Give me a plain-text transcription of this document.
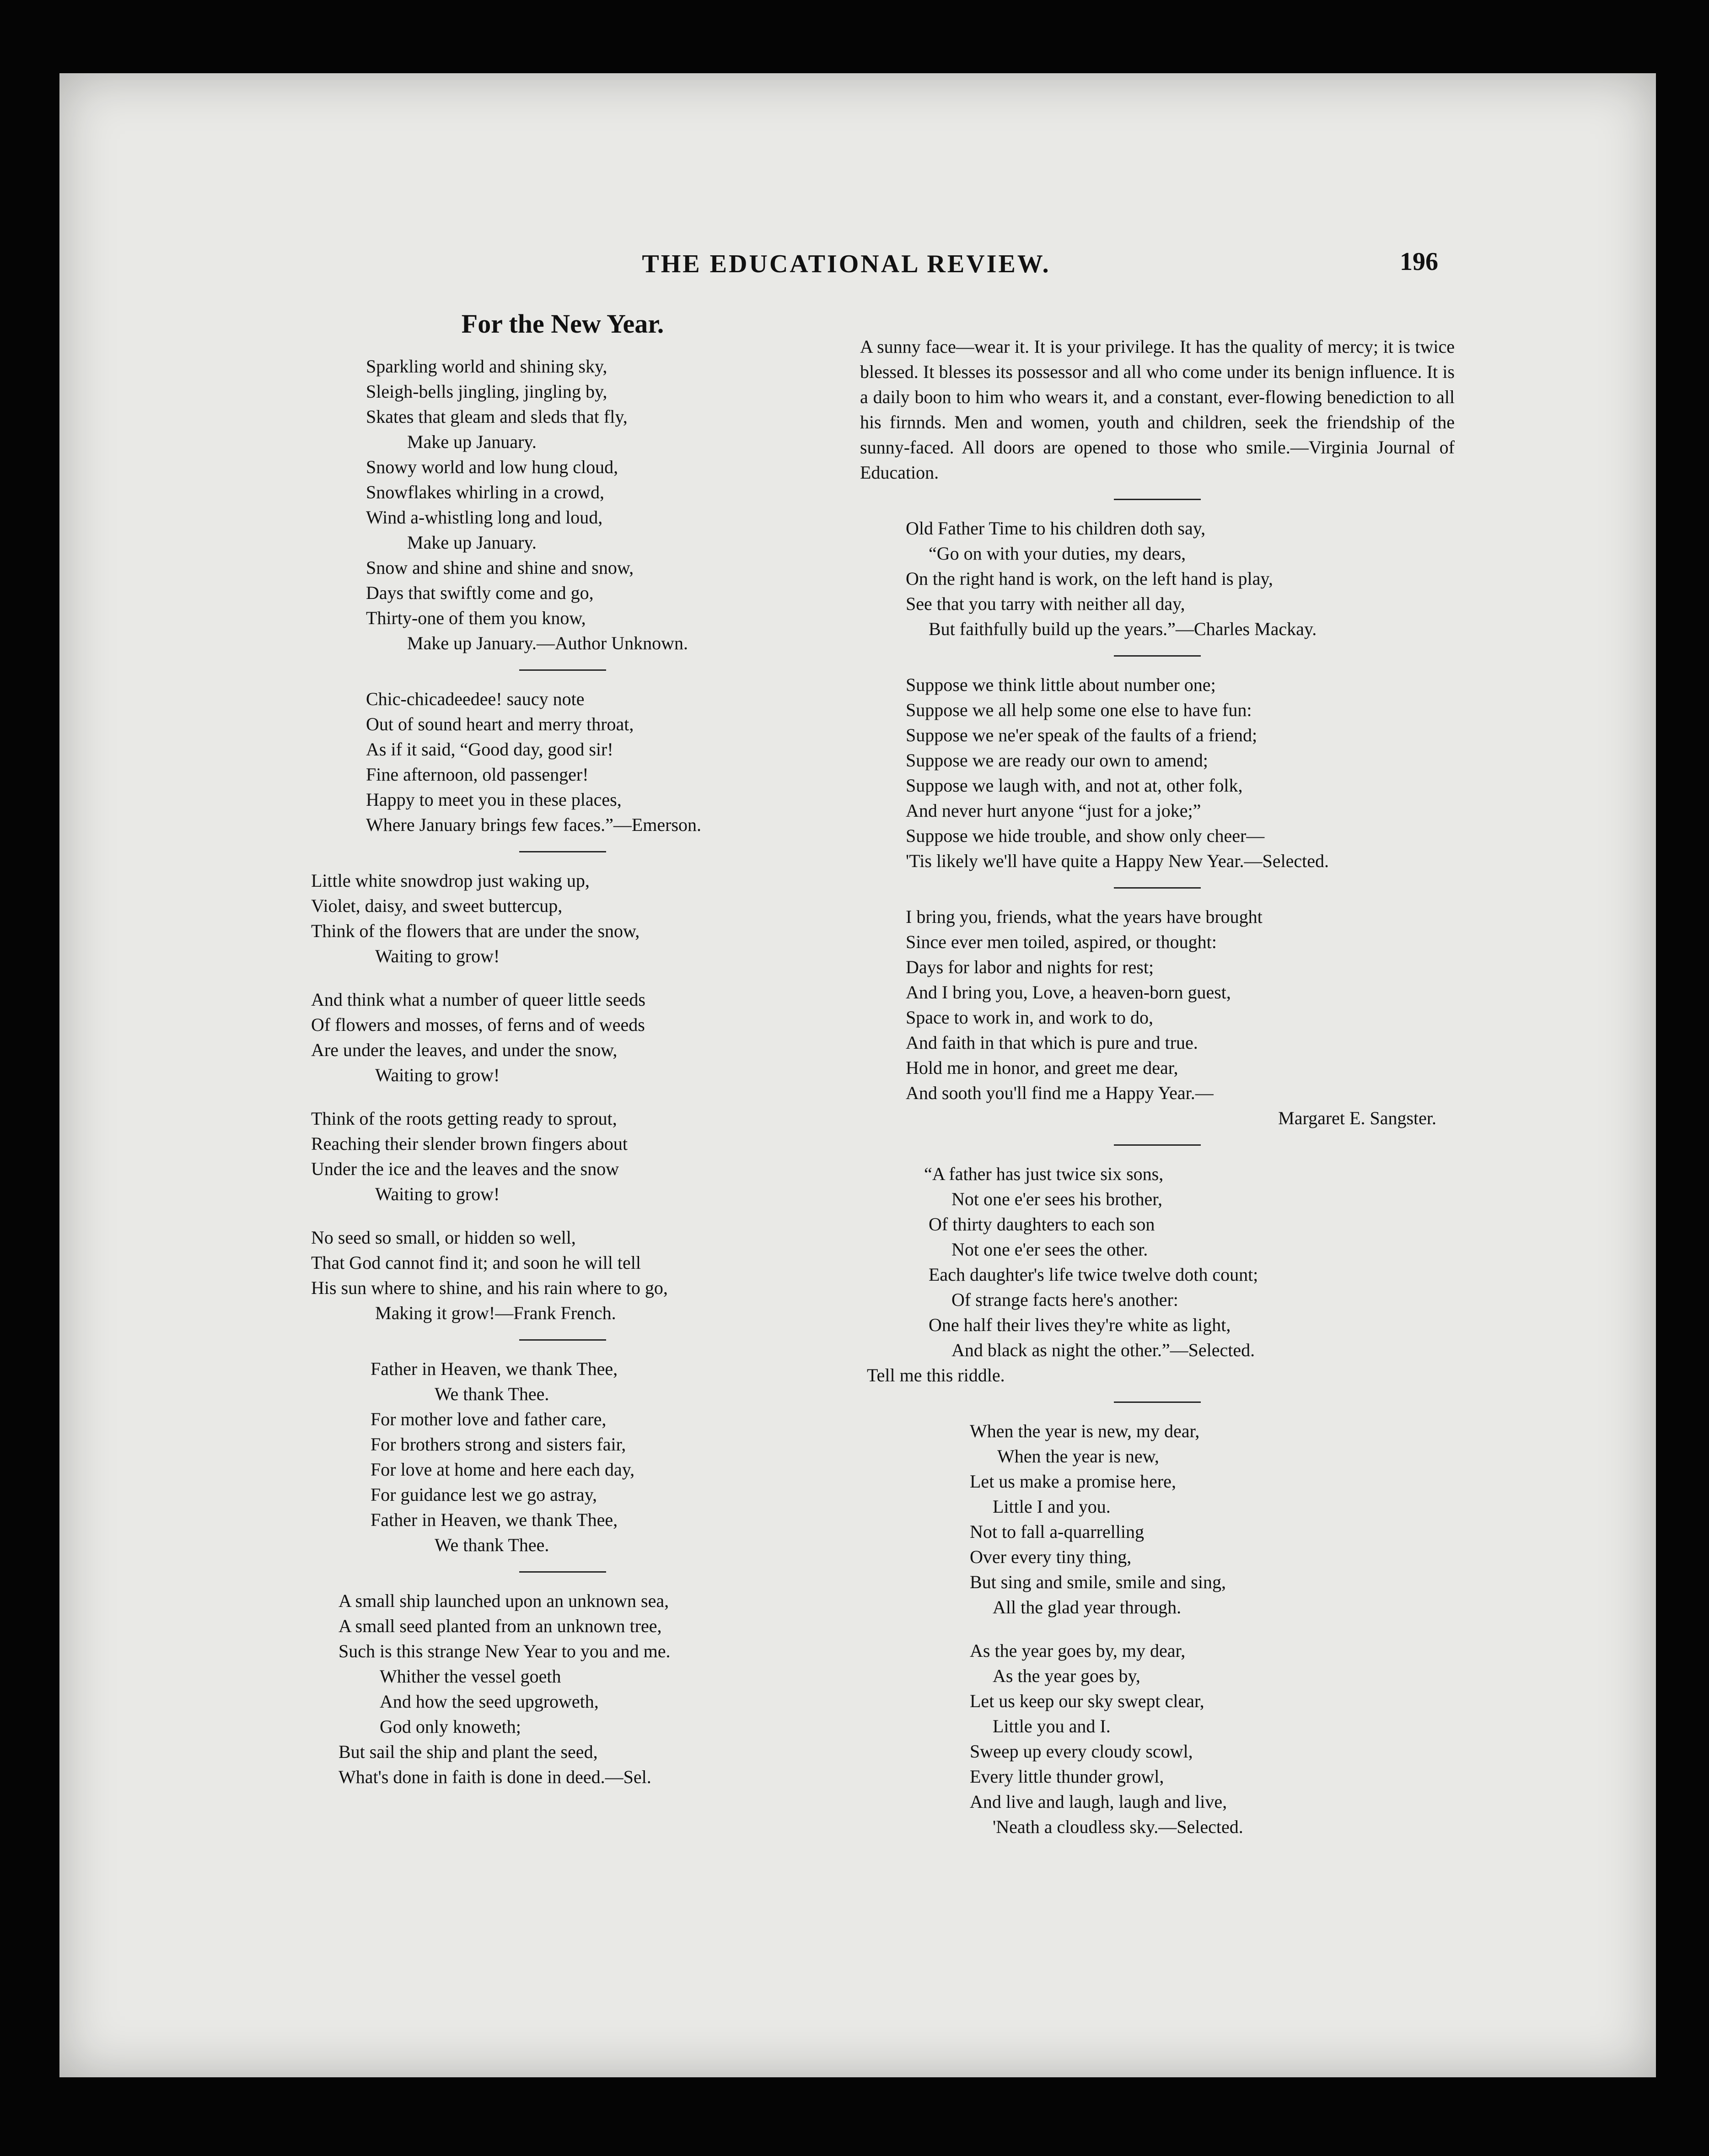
THE EDUCATIONAL REVIEW.	196
For the New Year.
Sparkling world and shining sky,
Sleigh-bells jingling, jingling by,
Skates that gleam and sleds that fly,
Make up January.
Snowy world and low hung cloud,
Snowflakes whirling in a crowd,
Wind a-whistling long and loud,
Make up January.
Snow and shine and shine and snow,
Days that swiftly come and go,
Thirty-one of them you know,
Make up January.—Author Unknown.
Chic-chicadeedee! saucy note
Out of sound heart and merry throat,
As if it said, “Good day, good sir!
Fine afternoon, old passenger!
Happy to meet you in these places,
Where January brings few faces.”—Emerson.
Little white snowdrop just waking up,
Violet, daisy, and sweet buttercup,
Think of the flowers that are under the snow,
Waiting to grow!
And think what a number of queer little seeds
Of flowers and mosses, of ferns and of weeds
Are under the leaves, and under the snow,
Waiting to grow!
Think of the roots getting ready to sprout,
Reaching their slender brown fingers about
Under the ice and the leaves and the snow
Waiting to grow!
No seed so small, or hidden so well,
That God cannot find it; and soon he will tell
His sun where to shine, and his rain where to go,
Making it grow!—Frank French.
Father in Heaven, we thank Thee,
We thank Thee.
For mother love and father care,
For brothers strong and sisters fair,
For love at home and here each day,
For guidance lest we go astray,
Father in Heaven, we thank Thee,
We thank Thee.
A small ship launched upon an unknown sea,
A small seed planted from an unknown tree,
Such is this strange New Year to you and me.
Whither the vessel goeth
And how the seed upgroweth,
God only knoweth;
But sail the ship and plant the seed,
What's done in faith is done in deed.—Sel.
A sunny face—wear it. It is your privilege. It has the quality of mercy; it is twice blessed. It blesses its possessor and all who come under its benign influence. It is a daily boon to him who wears it, and a constant, ever-flowing benediction to all his firnnds. Men and women, youth and children, seek the friendship of the sunny-faced. All doors are opened to those who smile.—Virginia Journal of Education.
Old Father Time to his children doth say,
“Go on with your duties, my dears,
On the right hand is work, on the left hand is play,
See that you tarry with neither all day,
But faithfully build up the years.”—Charles Mackay.
Suppose we think little about number one;
Suppose we all help some one else to have fun:
Suppose we ne'er speak of the faults of a friend;
Suppose we are ready our own to amend;
Suppose we laugh with, and not at, other folk,
And never hurt anyone “just for a joke;”
Suppose we hide trouble, and show only cheer—
'Tis likely we'll have quite a Happy New Year.—Selected.
I bring you, friends, what the years have brought
Since ever men toiled, aspired, or thought:
Days for labor and nights for rest;
And I bring you, Love, a heaven-born guest,
Space to work in, and work to do,
And faith in that which is pure and true.
Hold me in honor, and greet me dear,
And sooth you'll find me a Happy Year.—
Margaret E. Sangster.
“A father has just twice six sons,
Not one e'er sees his brother,
Of thirty daughters to each son
Not one e'er sees the other.
Each daughter's life twice twelve doth count;
Of strange facts here's another:
One half their lives they're white as light,
And black as night the other.”—Selected.
Tell me this riddle.
When the year is new, my dear,
When the year is new,
Let us make a promise here,
Little I and you.
Not to fall a-quarrelling
Over every tiny thing,
But sing and smile, smile and sing,
All the glad year through.
As the year goes by, my dear,
As the year goes by,
Let us keep our sky swept clear,
Little you and I.
Sweep up every cloudy scowl,
Every little thunder growl,
And live and laugh, laugh and live,
'Neath a cloudless sky.—Selected.
